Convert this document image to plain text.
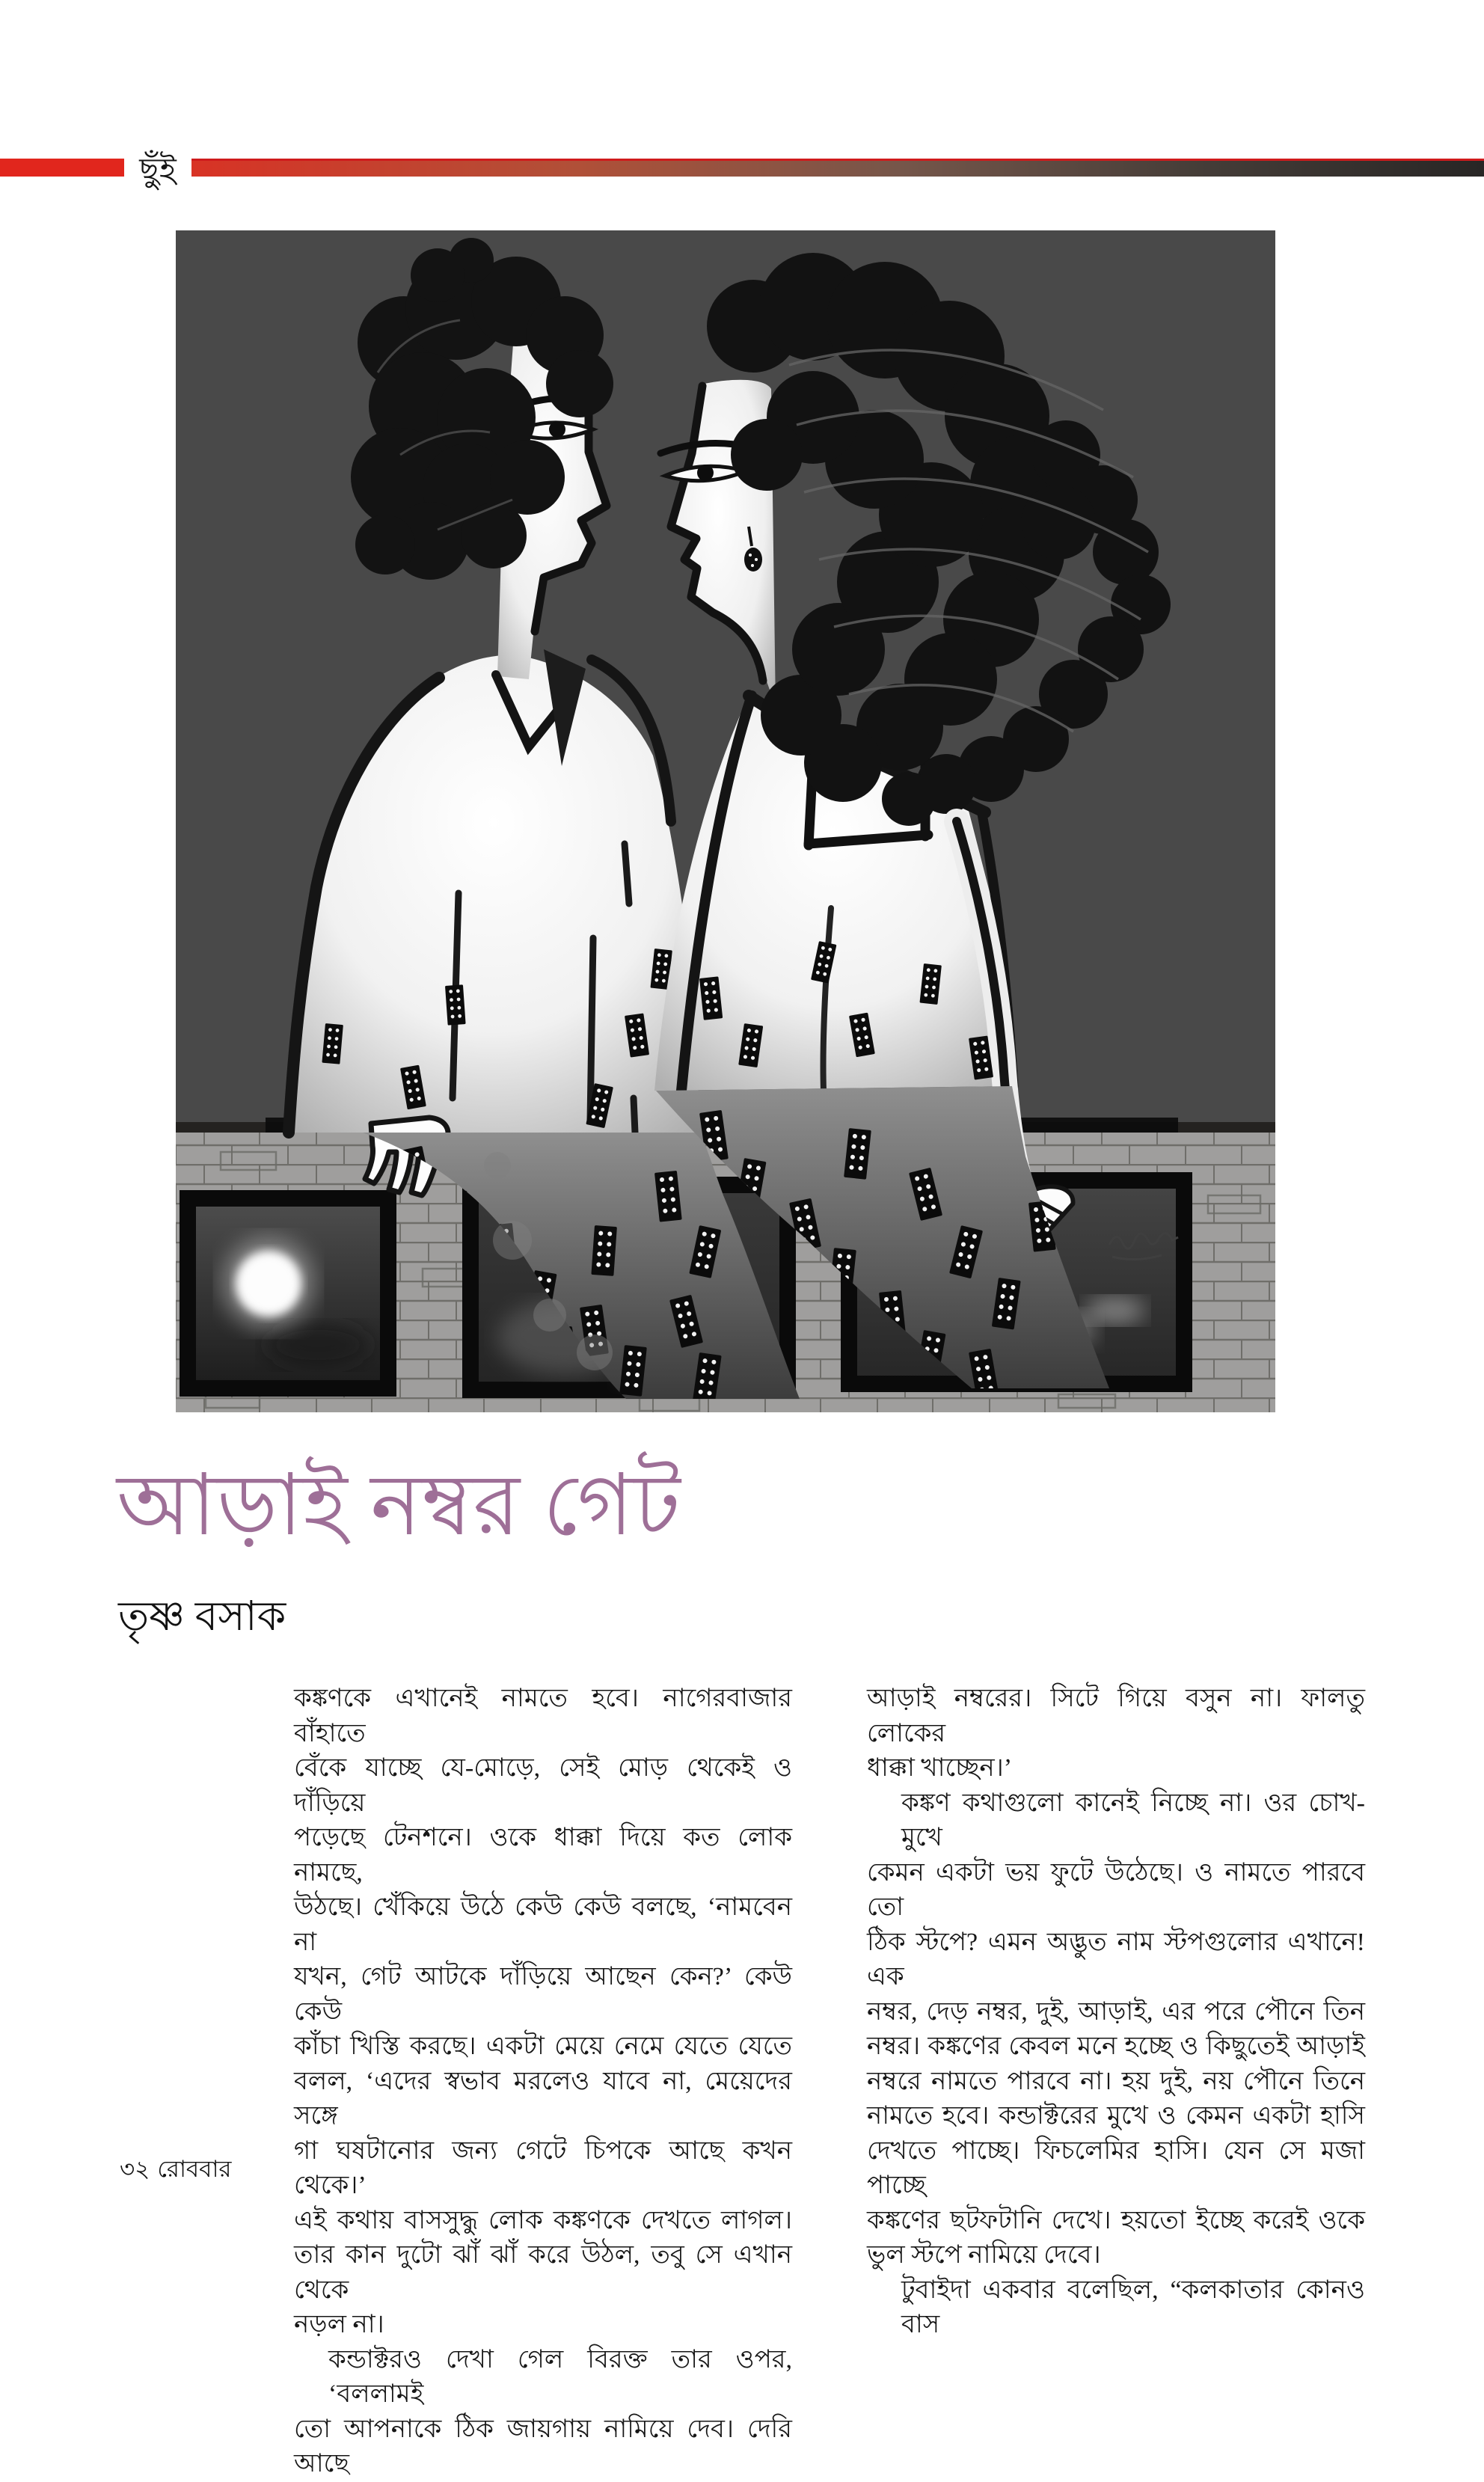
ছুঁই
আড়াই নম্বর গেট
তৃষ্ণ বসাক
কঙ্কণকে এখানেই নামতে হবে। নাগেরবাজার বাঁহাতে
বেঁকে যাচ্ছে যে-মোড়ে, সেই মোড় থেকেই ও দাঁড়িয়ে
পড়েছে টেনশনে। ওকে ধাক্কা দিয়ে কত লোক নামছে,
উঠছে। খেঁকিয়ে উঠে কেউ কেউ বলছে, ‘নামবেন না
যখন, গেট আটকে দাঁড়িয়ে আছেন কেন?’ কেউ কেউ
কাঁচা খিস্তি করছে। একটা মেয়ে নেমে যেতে যেতে
বলল, ‘এদের স্বভাব মরলেও যাবে না, মেয়েদের সঙ্গে
গা ঘষটানোর জন্য গেটে চিপকে আছে কখন থেকে।’
এই কথায় বাসসুদ্ধু লোক কঙ্কণকে দেখতে লাগল।
তার কান দুটো ঝাঁ ঝাঁ করে উঠল, তবু সে এখান থেকে
নড়ল না।
কন্ডাক্টরও দেখা গেল বিরক্ত তার ওপর, ‘বললামই
তো আপনাকে ঠিক জায়গায় নামিয়ে দেব। দেরি আছে
আড়াই নম্বরের। সিটে গিয়ে বসুন না। ফালতু লোকের
ধাক্কা খাচ্ছেন।’
কঙ্কণ কথাগুলো কানেই নিচ্ছে না। ওর চোখ-মুখে
কেমন একটা ভয় ফুটে উঠেছে। ও নামতে পারবে তো
ঠিক স্টপে? এমন অদ্ভুত নাম স্টপগুলোর এখানে! এক
নম্বর, দেড় নম্বর, দুই, আড়াই, এর পরে পৌনে তিন
নম্বর। কঙ্কণের কেবল মনে হচ্ছে ও কিছুতেই আড়াই
নম্বরে নামতে পারবে না। হয় দুই, নয় পৌনে তিনে
নামতে হবে। কন্ডাক্টরের মুখে ও কেমন একটা হাসি
দেখতে পাচ্ছে। ফিচলেমির হাসি। যেন সে মজা পাচ্ছে
কঙ্কণের ছটফটানি দেখে। হয়তো ইচ্ছে করেই ওকে
ভুল স্টপে নামিয়ে দেবে।
টুবাইদা একবার বলেছিল, “কলকাতার কোনও বাস
৩২ রোববার
